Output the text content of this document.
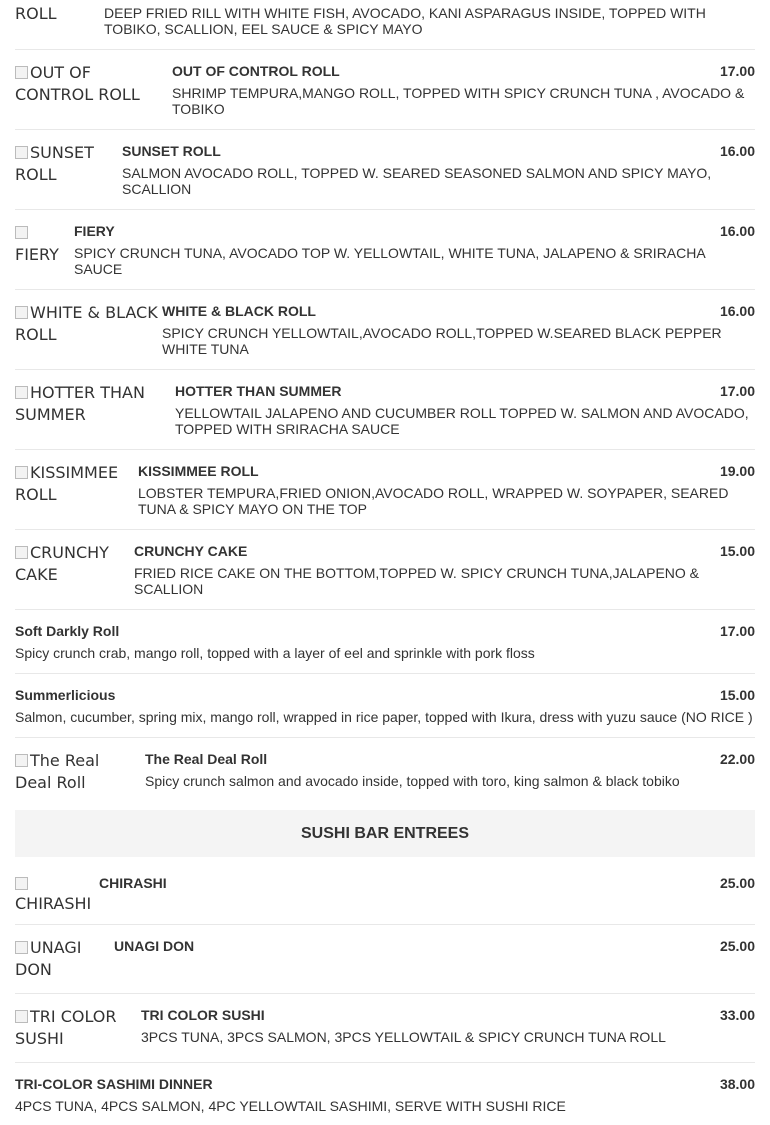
ROLL	DEEP FRIED RILL WITH WHITE FISH, AVOCADO, KANI ASPARAGUS INSIDE, TOPPED WITH TOBIKO, SCALLION, EEL SAUCE & SPICY MAYO
OUT OF CONTROL ROLL
OUT OF CONTROL ROLL	17.00
SHRIMP TEMPURA,MANGO ROLL, TOPPED WITH SPICY CRUNCH TUNA , AVOCADO & TOBIKO
SUNSET ROLL
SUNSET ROLL	16.00
SALMON AVOCADO ROLL, TOPPED W. SEARED SEASONED SALMON AND SPICY MAYO, SCALLION
FIERY
FIERY	16.00
SPICY CRUNCH TUNA, AVOCADO TOP W. YELLOWTAIL, WHITE TUNA, JALAPENO & SRIRACHA SAUCE
WHITE & BLACK ROLL
WHITE & BLACK ROLL	16.00
SPICY CRUNCH YELLOWTAIL,AVOCADO ROLL,TOPPED W.SEARED BLACK PEPPER WHITE TUNA
HOTTER THAN SUMMER
HOTTER THAN SUMMER	17.00
YELLOWTAIL JALAPENO AND CUCUMBER ROLL TOPPED W. SALMON AND AVOCADO, TOPPED WITH SRIRACHA SAUCE
KISSIMMEE ROLL
KISSIMMEE ROLL	19.00
LOBSTER TEMPURA,FRIED ONION,AVOCADO ROLL, WRAPPED W. SOYPAPER, SEARED TUNA & SPICY MAYO ON THE TOP
CRUNCHY CAKE
CRUNCHY CAKE	15.00
FRIED RICE CAKE ON THE BOTTOM,TOPPED W. SPICY CRUNCH TUNA,JALAPENO & SCALLION
Soft Darkly Roll	17.00
Spicy crunch crab, mango roll, topped with a layer of eel and sprinkle with pork floss
Summerlicious	15.00
Salmon, cucumber, spring mix, mango roll, wrapped in rice paper, topped with Ikura, dress with yuzu sauce (NO RICE )
The Real Deal Roll
The Real Deal Roll	22.00
Spicy crunch salmon and avocado inside, topped with toro, king salmon & black tobiko
SUSHI BAR ENTREES
CHIRASHI
CHIRASHI	25.00
UNAGI DON
UNAGI DON	25.00
TRI COLOR SUSHI
TRI COLOR SUSHI	33.00
3PCS TUNA, 3PCS SALMON, 3PCS YELLOWTAIL & SPICY CRUNCH TUNA ROLL
TRI-COLOR SASHIMI DINNER	38.00
4PCS TUNA, 4PCS SALMON, 4PC YELLOWTAIL SASHIMI, SERVE WITH SUSHI RICE
